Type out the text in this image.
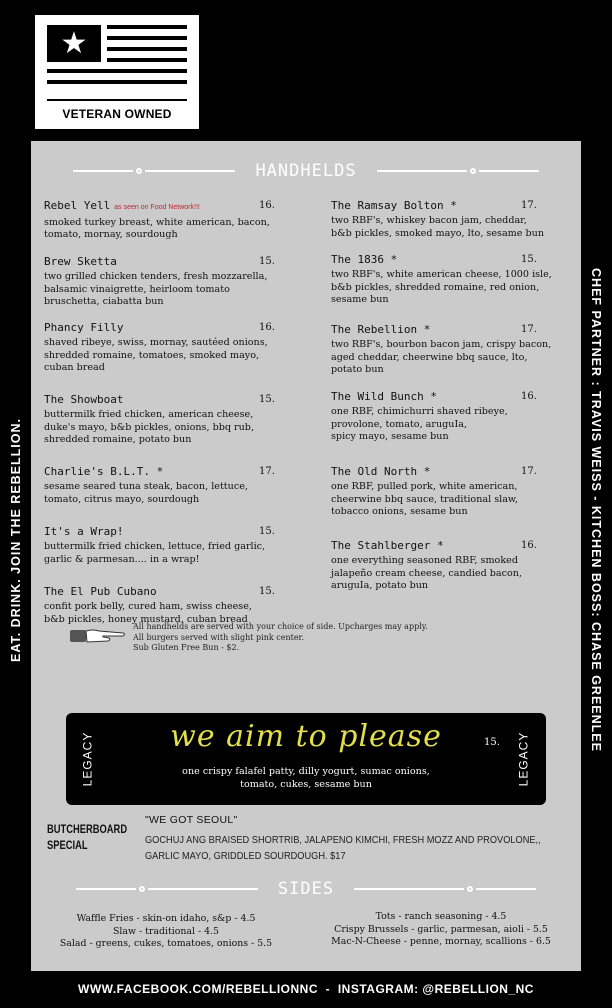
★
VETERAN OWNED
EAT. DRINK. JOIN THE REBELLION.	CHEF PARTNER : TRAVIS WEISS - KITCHEN BOSS: CHASE GREENLEE
HANDHELDS
Rebel Yell as seen on Food Network!!!	16.
smoked turkey breast, white american, bacon,
tomato, mornay, sourdough
Brew Sketta	15.
two grilled chicken tenders, fresh mozzarella,
balsamic vinaigrette, heirloom tomato
bruschetta, ciabatta bun
Phancy Filly	16.
shaved ribeye, swiss, mornay, sautéed onions,
shredded romaine, tomatoes, smoked mayo,
cuban bread
The Showboat	15.
buttermilk fried chicken, american cheese,
duke's mayo, b&b pickles, onions, bbq rub,
shredded romaine, potato bun
Charlie's B.L.T. *	17.
sesame seared tuna steak, bacon, lettuce,
tomato, citrus mayo, sourdough
It's a Wrap!	15.
buttermilk fried chicken, lettuce, fried garlic,
garlic & parmesan.... in a wrap!
The El Pub Cubano	15.
confit pork belly, cured ham, swiss cheese,
b&b pickles, honey mustard, cuban bread
The Ramsay Bolton *	17.
two RBF's, whiskey bacon jam, cheddar,
b&b pickles, smoked mayo, lto, sesame bun
The 1836 *	15.
two RBF's, white american cheese, 1000 isle,
b&b pickles, shredded romaine, red onion,
sesame bun
The Rebellion *	17.
two RBF's, bourbon bacon jam, crispy bacon,
aged cheddar, cheerwine bbq sauce, lto,
potato bun
The Wild Bunch *	16.
one RBF, chimichurri shaved ribeye,
provolone, tomato, aruguIa,
spicy mayo, sesame bun
The Old North *	17.
one RBF, pulled pork, white american,
cheerwine bbq sauce, traditional slaw,
tobacco onions, sesame bun
The Stahlberger *	16.
one everything seasoned RBF, smoked
jalapeño cream cheese, candied bacon,
aruguIa, potato bun
All handhelds are served with your choice of side. Upcharges may apply.
All burgers served with slight pink center.
Sub Gluten Free Bun - $2.
LEGACY	LEGACY
we aim to please	15.
one crispy falafel patty, dilly yogurt, sumac onions,
tomato, cukes, sesame bun
BUTCHERBOARD
SPECIAL
"WE GOT SEOUL"
GOCHUJ ANG BRAISED SHORTRIB, JALAPENO KIMCHI, FRESH MOZZ AND PROVOLONE,,
GARLIC MAYO, GRIDDLED SOURDOUGH. $17
SIDES
Waffle Fries - skin-on idaho, s&p - 4.5
Slaw - traditional - 4.5
Salad - greens, cukes, tomatoes, onions - 5.5
Tots - ranch seasoning - 4.5
Crispy Brussels - garlic, parmesan, aioli - 5.5
Mac-N-Cheese - penne, mornay, scallions - 6.5
WWW.FACEBOOK.COM/REBELLIONNC  -  INSTAGRAM: @REBELLION_NC
